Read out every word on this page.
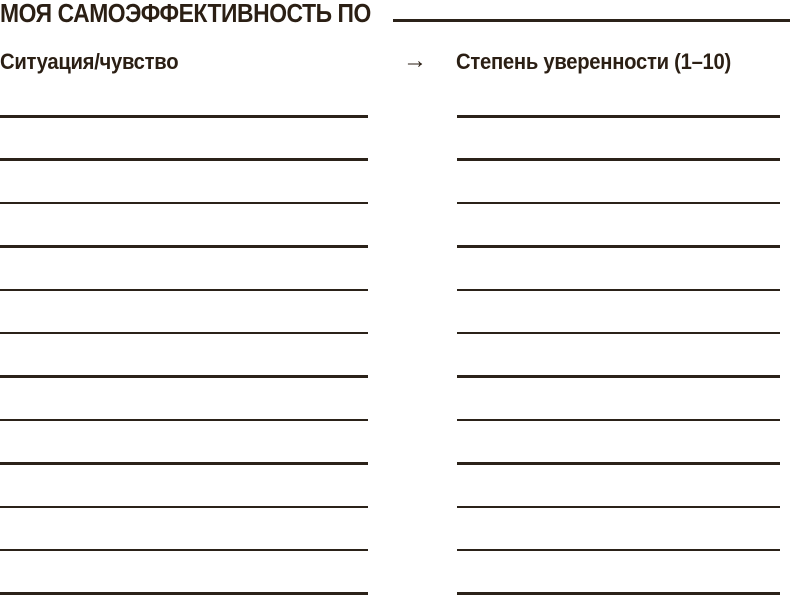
МОЯ САМОЭФФЕКТИВНОСТЬ ПО
Ситуация/чувство	→ Степень уверенности (1–10)
